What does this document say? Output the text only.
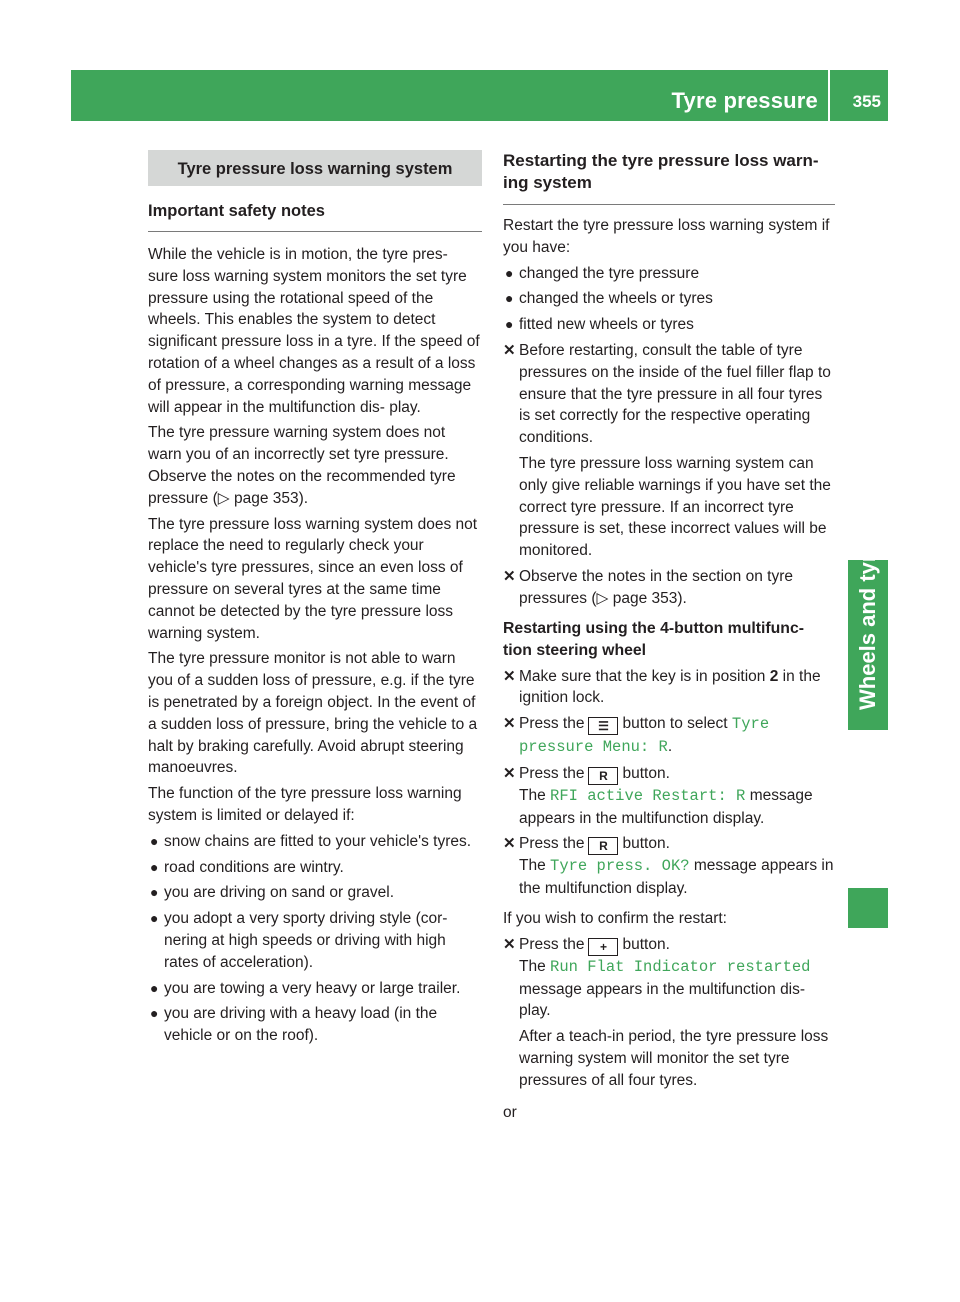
Tyre pressure 355
Wheels and tyres
Tyre pressure loss warning system
Important safety notes

While the vehicle is in motion, the tyre pres- sure loss warning system monitors the set tyre pressure using the rotational speed of the wheels. This enables the system to detect significant pressure loss in a tyre. If the speed of rotation of a wheel changes as a result of a loss of pressure, a corresponding warning message will appear in the multifunction dis- play.

The tyre pressure warning system does not warn you of an incorrectly set tyre pressure. Observe the notes on the recommended tyre pressure (▷ page 353).

The tyre pressure loss warning system does not replace the need to regularly check your vehicle's tyre pressures, since an even loss of pressure on several tyres at the same time cannot be detected by the tyre pressure loss warning system.

The tyre pressure monitor is not able to warn you of a sudden loss of pressure, e.g. if the tyre is penetrated by a foreign object. In the event of a sudden loss of pressure, bring the vehicle to a halt by braking carefully. Avoid abrupt steering manoeuvres.

The function of the tyre pressure loss warning system is limited or delayed if:

● snow chains are fitted to your vehicle's tyres.
● road conditions are wintry.
● you are driving on sand or gravel.
● you adopt a very sporty driving style (cor- nering at high speeds or driving with high rates of acceleration).
● you are towing a very heavy or large trailer.
● you are driving with a heavy load (in the vehicle or on the roof).
Restarting the tyre pressure loss warn- ing system

Restart the tyre pressure loss warning system if you have:

● changed the tyre pressure
● changed the wheels or tyres
● fitted new wheels or tyres
✕ Before restarting, consult the table of tyre pressures on the inside of the fuel filler flap to ensure that the tyre pressure in all four tyres is set correctly for the respective operating conditions.

The tyre pressure loss warning system can only give reliable warnings if you have set the correct tyre pressure. If an incorrect tyre pressure is set, these incorrect values will be monitored.

✕ Observe the notes in the section on tyre pressures (▷ page 353).
Restarting using the 4-button multifunc- tion steering wheel
✕ Make sure that the key is in position 2 in the ignition lock.
✕ Press the ☰ button to select Tyre pressure Menu: R.
✕ Press the R button.
The RFI active Restart: R message appears in the multifunction display.
✕ Press the R button.
The Tyre press. OK? message appears in the multifunction display.

If you wish to confirm the restart:

✕ Press the + button.
The Run Flat Indicator restarted
message appears in the multifunction dis- play.

After a teach-in period, the tyre pressure loss warning system will monitor the set tyre pressures of all four tyres.

or
